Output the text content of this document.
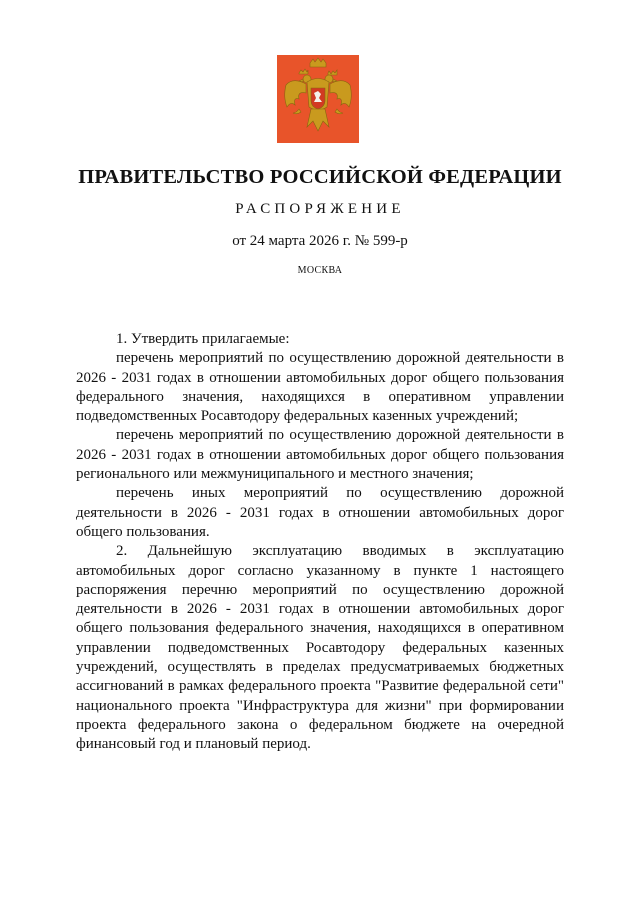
ПРАВИТЕЛЬСТВО РОССИЙСКОЙ ФЕДЕРАЦИИ
РАСПОРЯЖЕНИЕ
от 24 марта 2026 г. № 599-р
МОСКВА

1. Утвердить прилагаемые:

перечень мероприятий по осуществлению дорожной деятельности в 2026 - 2031 годах в отношении автомобильных дорог общего пользования федерального значения, находящихся в оперативном управлении подведомственных Росавтодору федеральных казенных учреждений;

перечень мероприятий по осуществлению дорожной деятельности в 2026 - 2031 годах в отношении автомобильных дорог общего пользования регионального или межмуниципального и местного значения;

перечень иных мероприятий по осуществлению дорожной деятельности в 2026 - 2031 годах в отношении автомобильных дорог общего пользования.

2. Дальнейшую эксплуатацию вводимых в эксплуатацию автомобильных дорог согласно указанному в пункте 1 настоящего распоряжения перечню мероприятий по осуществлению дорожной деятельности в 2026 - 2031 годах в отношении автомобильных дорог общего пользования федерального значения, находящихся в оперативном управлении подведомственных Росавтодору федеральных казенных учреждений, осуществлять в пределах предусматриваемых бюджетных ассигнований в рамках федерального проекта "Развитие федеральной сети" национального проекта "Инфраструктура для жизни" при формировании проекта федерального закона о федеральном бюджете на очередной финансовый год и плановый период.
